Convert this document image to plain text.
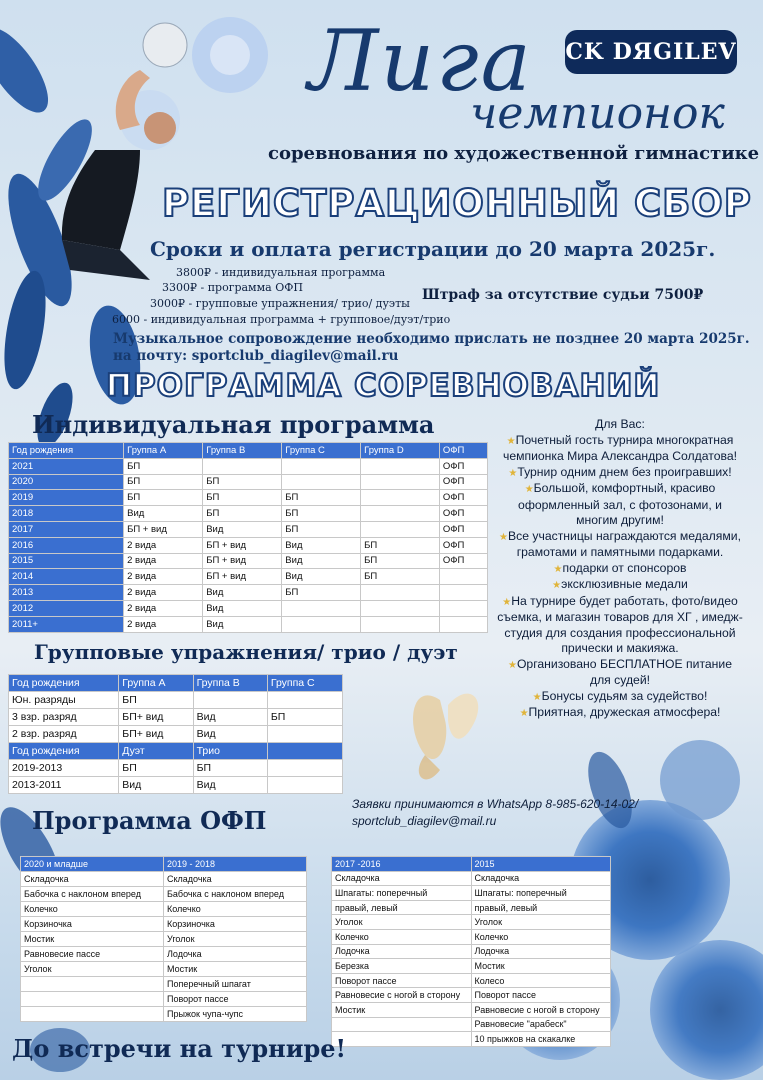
CK DЯGILEV
Лига
чемпионок
соревнования по художественной гимнастике
РЕГИСТРАЦИОННЫЙ СБОР
Сроки и оплата регистрации до 20 марта 2025г.
3800₽ - индивидуальная программа
3300₽ - программа ОФП
3000₽ - групповые упражнения/ трио/ дуэты
6000 - индивидуальная программа + групповое/дуэт/трио
Штраф за отсутствие судьи 7500₽
Музыкальное сопровождение необходимо прислать не позднее 20 марта 2025г.
на почту: sportclub_diagilev@mail.ru
ПРОГРАММА СОРЕВНОВАНИЙ
Индивидуальная программа
Год рождения	Группа А	Группа В	Группа С	Группа D	ОФП
2021	БП				ОФП
2020	БП	БП			ОФП
2019	БП	БП	БП		ОФП
2018	Вид	БП	БП		ОФП
2017	БП + вид	Вид	БП		ОФП
2016	2 вида	БП + вид	Вид	БП	ОФП
2015	2 вида	БП + вид	Вид	БП	ОФП
2014	2 вида	БП + вид	Вид	БП	
2013	2 вида	Вид	БП		
2012	2 вида	Вид			
2011+	2 вида	Вид			
Групповые упражнения/ трио / дуэт
Год рождения	Группа А	Группа В	Группа С
Юн. разряды	БП		
3 взр. разряд	БП+ вид	Вид	БП
2 взр. разряд	БП+ вид	Вид	
Год рождения	Дуэт	Трио	
2019-2013	БП	БП	
2013-2011	Вид	Вид	
Для Вас:
★Почетный гость турнира многократная чемпионка Мира Александра Солдатова!
★Турнир одним днем без проигравших!
★Большой, комфортный, красиво оформленный зал, с фотозонами, и многим другим!
★Все участницы награждаются медалями, грамотами и памятными подарками.
★подарки от спонсоров
★эксклюзивные медали
★На турнире будет работать, фото/видео съемка, и магазин товаров для ХГ , имедж-студия для создания профессиональной прически и макияжа.
★Организовано БЕСПЛАТНОЕ питание для судей!
★Бонусы судьям за судейство!
★Приятная, дружеская атмосфера!
Заявки принимаются в WhatsApp 8-985-620-14-02/
sportclub_diagilev@mail.ru
Программа ОФП
2020 и младше	2019 - 2018
Складочка	Складочка
Бабочка с наклоном вперед	Бабочка с наклоном вперед
Колечко	Колечко
Корзиночка	Корзиночка
Мостик	Уголок
Равновесие пассе	Лодочка
Уголок	Мостик
	Поперечный шпагат
	Поворот пассе
	Прыжок чупа-чупс
2017 -2016	2015
Складочка	Складочка
Шпагаты: поперечный	Шпагаты: поперечный
правый, левый	правый, левый
Уголок	Уголок
Колечко	Колечко
Лодочка	Лодочка
Березка	Мостик
Поворот пассе	Колесо
Равновесие с ногой в сторону	Поворот пассе
Мостик	Равновесие с ногой в сторону
	Равновесие "арабеск"
	10 прыжков на скакалке
До встречи на турнире!
